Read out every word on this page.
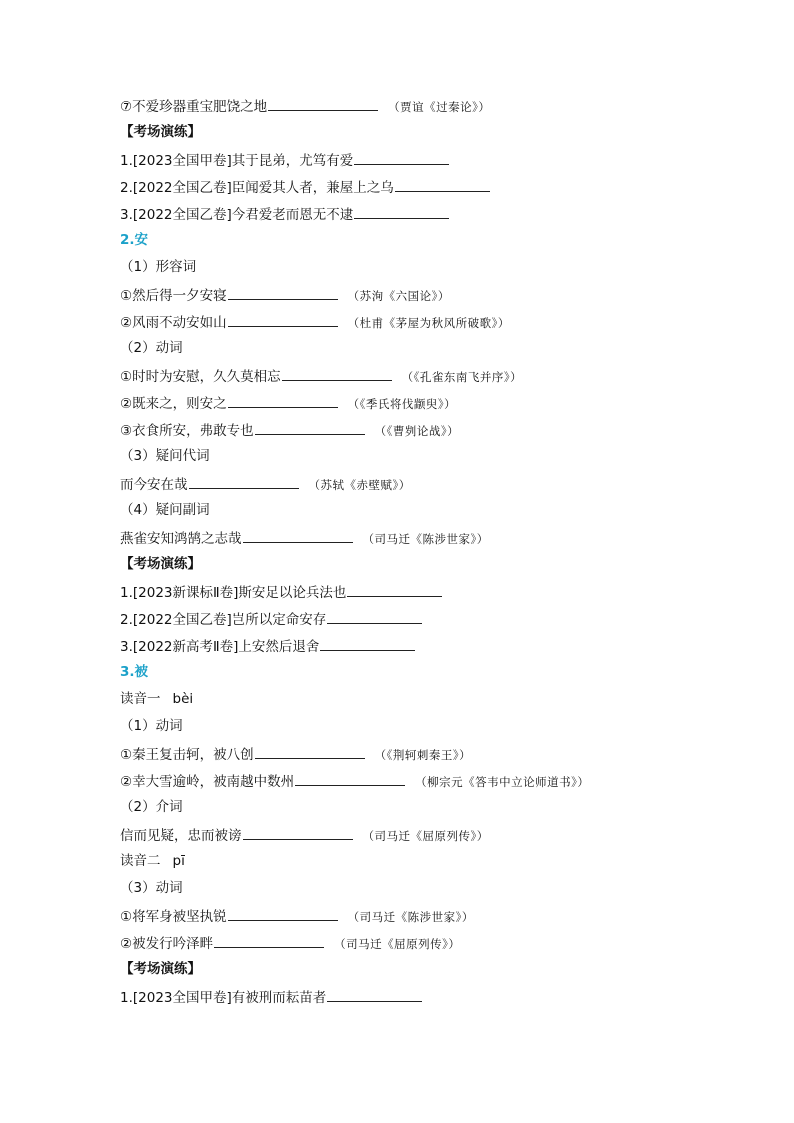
⑦不爱珍器重宝肥饶之地	（贾谊《过秦论》）
【考场演练】
1.[2023全国甲卷]其于昆弟，尤笃有爱
2.[2022全国乙卷]臣闻爱其人者，兼屋上之乌
3.[2022全国乙卷]今君爱老而恩无不逮
2.安
（1）形容词
①然后得一夕安寝	（苏洵《六国论》）
②风雨不动安如山	（杜甫《茅屋为秋风所破歌》）
（2）动词
①时时为安慰，久久莫相忘	（《孔雀东南飞并序》）
②既来之，则安之	（《季氏将伐颛臾》）
③衣食所安，弗敢专也	（《曹刿论战》）
（3）疑问代词
而今安在哉	（苏轼《赤壁赋》）
（4）疑问副词
燕雀安知鸿鹄之志哉	（司马迁《陈涉世家》）
【考场演练】
1.[2023新课标Ⅱ卷]斯安足以论兵法也
2.[2022全国乙卷]岂所以定命安存
3.[2022新高考Ⅱ卷]上安然后退舍
3.被
读音一 bèi
（1）动词
①秦王复击轲，被八创	（《荆轲刺秦王》）
②幸大雪逾岭，被南越中数州	（柳宗元《答韦中立论师道书》）
（2）介词
信而见疑，忠而被谤	（司马迁《屈原列传》）
读音二 pī
（3）动词
①将军身被坚执锐	（司马迁《陈涉世家》）
②被发行吟泽畔	（司马迁《屈原列传》）
【考场演练】
1.[2023全国甲卷]有被刑而耘苗者
